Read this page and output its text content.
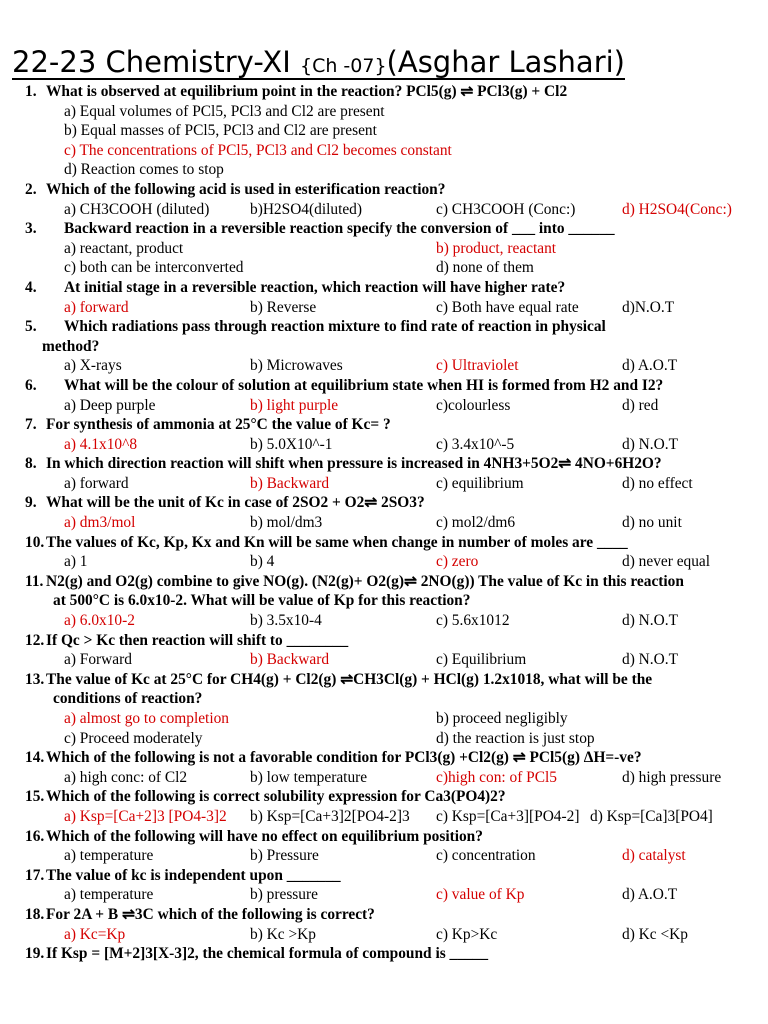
22-23 Chemistry-XI {Ch -07}(Asghar Lashari)
1. What is observed at equilibrium point in the reaction? PCl5(g) ⇌ PCl3(g) + Cl2
a) Equal volumes of PCl5, PCl3 and Cl2 are present
b) Equal masses of PCl5, PCl3 and Cl2 are present
c) The concentrations of PCl5, PCl3 and Cl2 becomes constant
d) Reaction comes to stop
2. Which of the following acid is used in esterification reaction?
a) CH3COOH (diluted)	b)H2SO4(diluted)	c) CH3COOH (Conc:)	d) H2SO4(Conc:)
3. Backward reaction in a reversible reaction specify the conversion of ___ into ______
a) reactant, product	b) product, reactant
c) both can be interconverted	d) none of them
4. At initial stage in a reversible reaction, which reaction will have higher rate?
a) forward	b) Reverse	c) Both have equal rate	d)N.O.T
5. Which radiations pass through reaction mixture to find rate of reaction in physical
method?
a) X-rays	b) Microwaves	c) Ultraviolet	d) A.O.T
6. What will be the colour of solution at equilibrium state when HI is formed from H2 and I2?
a) Deep purple	b) light purple	c)colourless	d) red
7. For synthesis of ammonia at 25°C the value of Kc= ?
a) 4.1x10^8	b) 5.0X10^-1	c) 3.4x10^-5	d) N.O.T
8. In which direction reaction will shift when pressure is increased in 4NH3+5O2⇌ 4NO+6H2O?
a) forward	b) Backward	c) equilibrium	d) no effect
9. What will be the unit of Kc in case of 2SO2 + O2⇌ 2SO3?
a) dm3/mol	b) mol/dm3	c) mol2/dm6	d) no unit
10. The values of Kc, Kp, Kx and Kn will be same when change in number of moles are ____
a) 1	b) 4	c) zero	d) never equal
11. N2(g) and O2(g) combine to give NO(g). (N2(g)+ O2(g)⇌ 2NO(g)) The value of Kc in this reaction
at 500°C is 6.0x10-2. What will be value of Kp for this reaction?
a) 6.0x10-2	b) 3.5x10-4	c) 5.6x1012	d) N.O.T
12. If Qc > Kc then reaction will shift to ________
a) Forward	b) Backward	c) Equilibrium	d) N.O.T
13. The value of Kc at 25°C for CH4(g) + Cl2(g) ⇌CH3Cl(g) + HCl(g) 1.2x1018, what will be the
conditions of reaction?
a) almost go to completion	b) proceed negligibly
c) Proceed moderately	d) the reaction is just stop
14. Which of the following is not a favorable condition for PCl3(g) +Cl2(g) ⇌ PCl5(g) ΔH=-ve?
a) high conc: of Cl2	b) low temperature	c)high con: of PCl5	d) high pressure
15. Which of the following is correct solubility expression for Ca3(PO4)2?
a) Ksp=[Ca+2]3 [PO4-3]2 b) Ksp=[Ca+3]2[PO4-2]3 c) Ksp=[Ca+3][PO4-2] d) Ksp=[Ca]3[PO4]
16. Which of the following will have no effect on equilibrium position?
a) temperature	b) Pressure	c) concentration	d) catalyst
17. The value of kc is independent upon _______
a) temperature	b) pressure	c) value of Kp	d) A.O.T
18. For 2A + B ⇌3C which of the following is correct?
a) Kc=Kp	b) Kc >Kp	c) Kp>Kc	d) Kc <Kp
19. If Ksp = [M+2]3[X-3]2, the chemical formula of compound is _____
